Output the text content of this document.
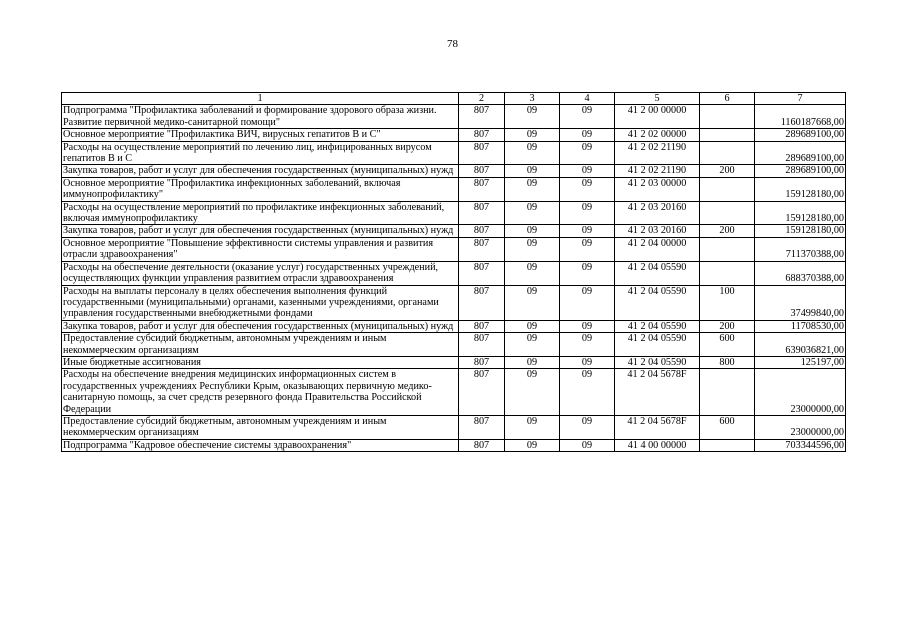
78
1	2	3	4	5	6	7
Подпрограмма "Профилактика заболеваний и формирование здорового образа жизни. Развитие первичной медико-санитарной помощи"	807	09	09	41 2 00 00000		1160187668,00
Основное мероприятие "Профилактика ВИЧ, вирусных гепатитов В и С"	807	09	09	41 2 02 00000		289689100,00
Расходы на осуществление мероприятий по лечению лиц, инфицированных вирусом гепатитов В и С	807	09	09	41 2 02 21190		289689100,00
Закупка товаров, работ и услуг для обеспечения государственных (муниципальных) нужд	807	09	09	41 2 02 21190	200	289689100,00
Основное мероприятие "Профилактика инфекционных заболеваний, включая иммунопрофилактику"	807	09	09	41 2 03 00000		159128180,00
Расходы на осуществление мероприятий по профилактике инфекционных заболеваний, включая иммунопрофилактику	807	09	09	41 2 03 20160		159128180,00
Закупка товаров, работ и услуг для обеспечения государственных (муниципальных) нужд	807	09	09	41 2 03 20160	200	159128180,00
Основное мероприятие "Повышение эффективности системы управления и развития отрасли здравоохранения"	807	09	09	41 2 04 00000		711370388,00
Расходы на обеспечение деятельности (оказание услуг) государственных учреждений, осуществляющих функции управления развитием отрасли здравоохранения	807	09	09	41 2 04 05590		688370388,00
Расходы на выплаты персоналу в целях обеспечения выполнения функций государственными (муниципальными) органами, казенными учреждениями, органами управления государственными внебюджетными фондами	807	09	09	41 2 04 05590	100	37499840,00
Закупка товаров, работ и услуг для обеспечения государственных (муниципальных) нужд	807	09	09	41 2 04 05590	200	11708530,00
Предоставление субсидий бюджетным, автономным учреждениям и иным некоммерческим организациям	807	09	09	41 2 04 05590	600	639036821,00
Иные бюджетные ассигнования	807	09	09	41 2 04 05590	800	125197,00
Расходы на обеспечение внедрения медицинских информационных систем в государственных учреждениях Республики Крым, оказывающих первичную медико-санитарную помощь, за счет средств резервного фонда Правительства Российской Федерации	807	09	09	41 2 04 5678F		23000000,00
Предоставление субсидий бюджетным, автономным учреждениям и иным некоммерческим организациям	807	09	09	41 2 04 5678F	600	23000000,00
Подпрограмма "Кадровое обеспечение системы здравоохранения"	807	09	09	41 4 00 00000		703344596,00
